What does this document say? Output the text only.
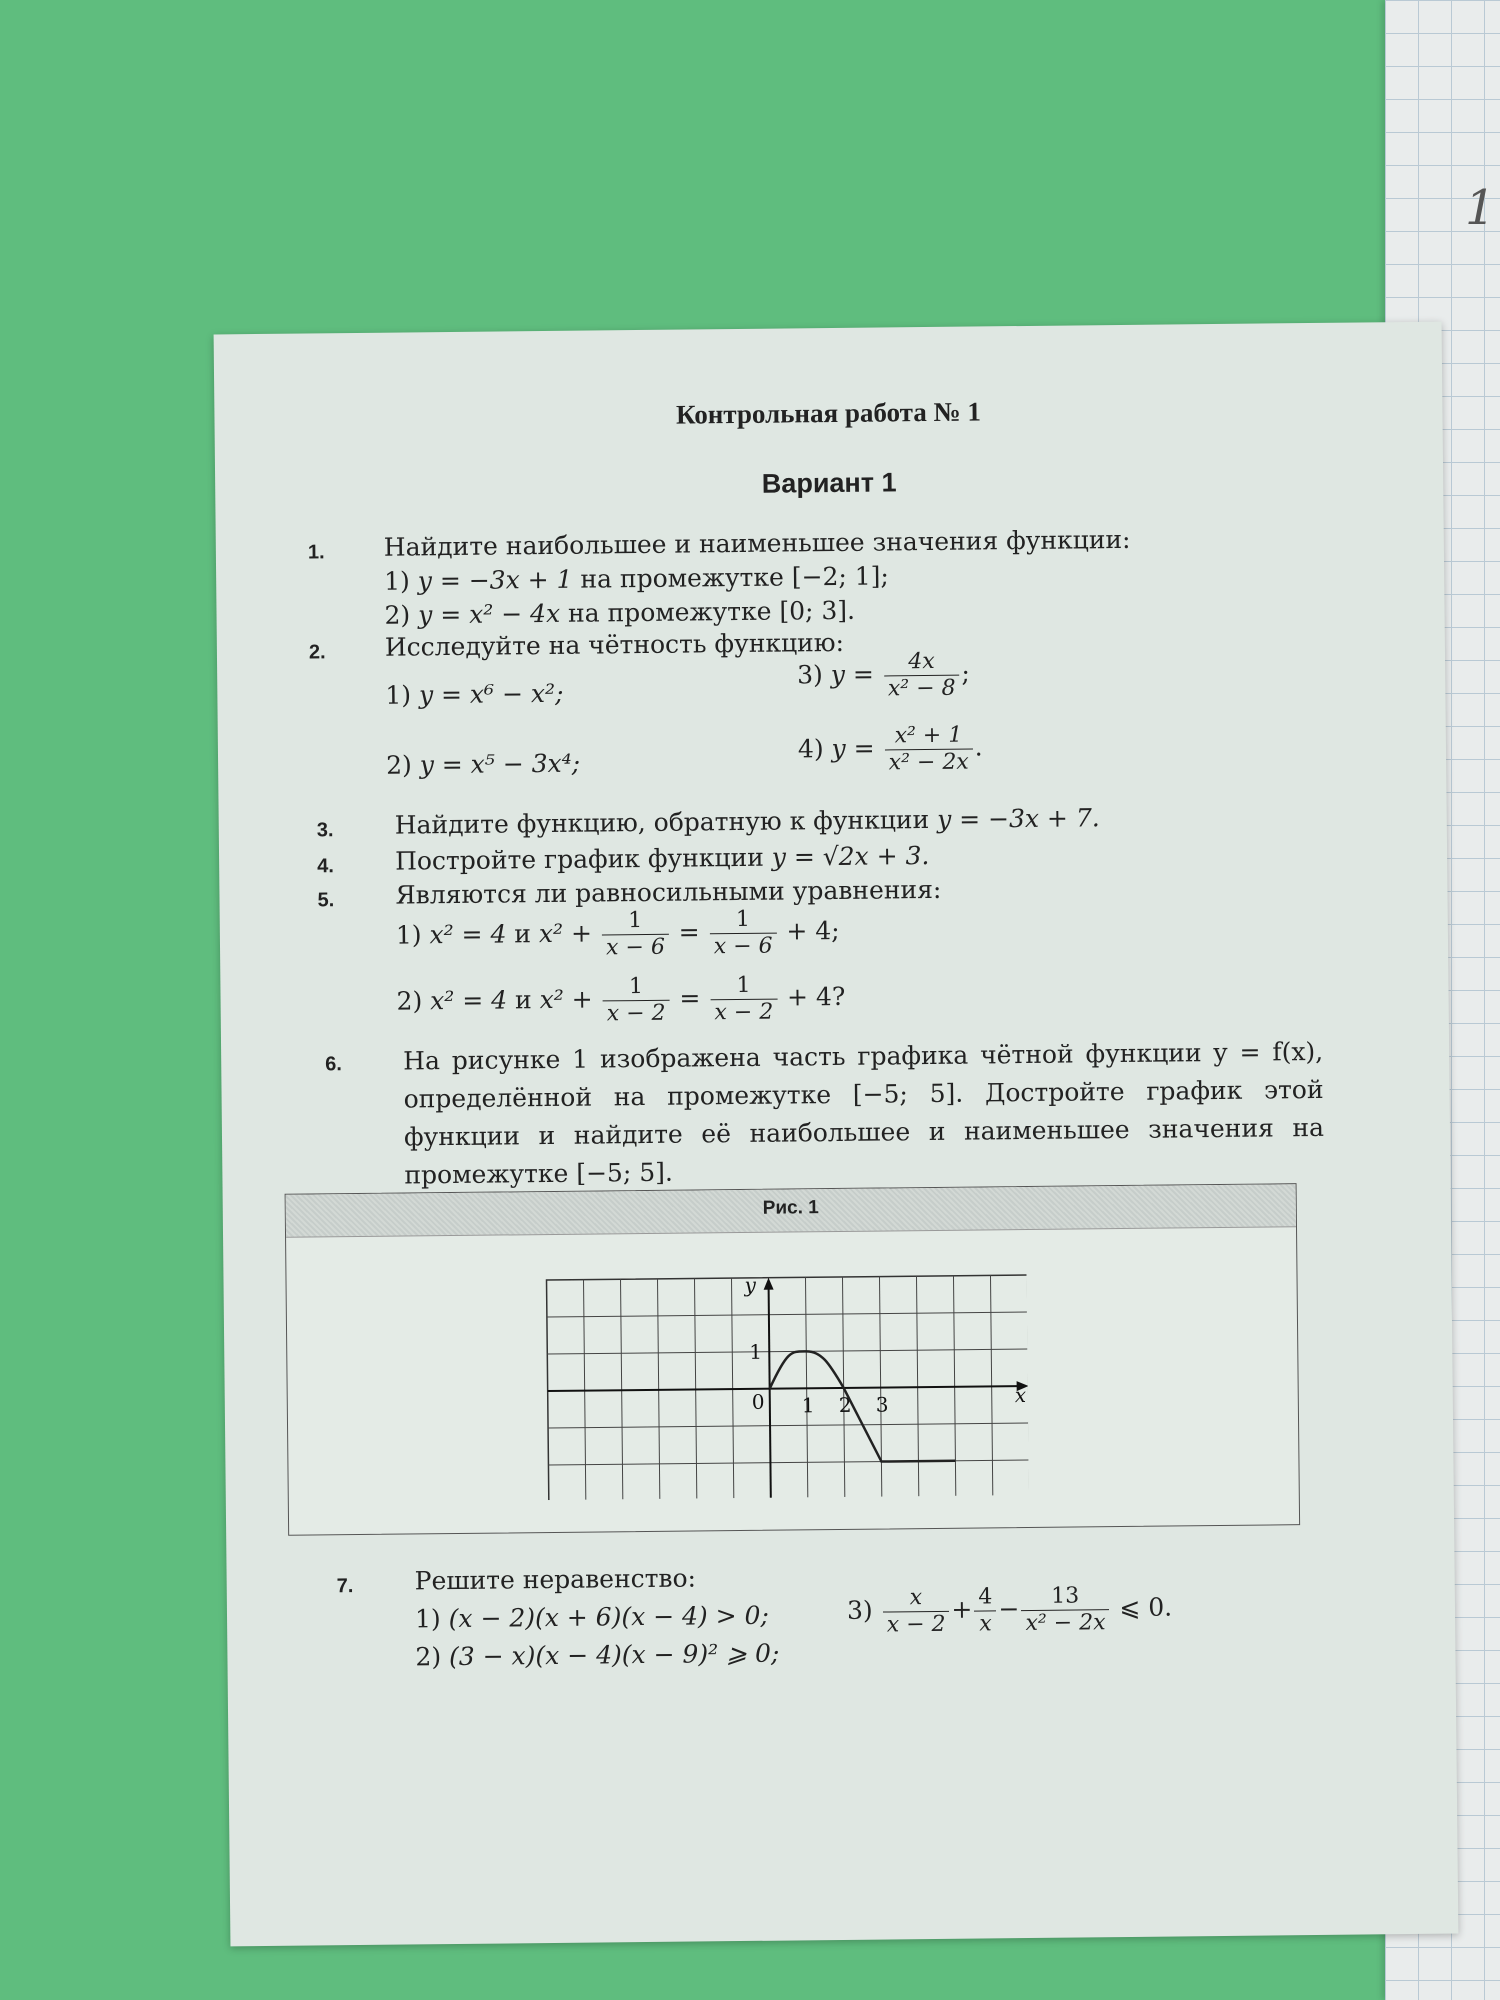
1
Контрольная работа № 1
Вариант 1
1. Найдите наибольшее и наименьшее значения функции:
1) y = −3x + 1 на промежутке [−2; 1];
2) y = x² − 4x на промежутке [0; 3].
2. Исследуйте на чётность функцию:
1) y = x⁶ − x²;
2) y = x⁵ − 3x⁴;
3) $y = \frac{4x}{\text{x² − 8}}$ ;
4) $y = \frac{\text{x² + 1}}{\text{x² − 2x}}$ .
3. Найдите функцию, обратную к функции y = −3x + 7.
4. Постройте график функции y = √2x + 3.
5. Являются ли равносильными уравнения:
1) x² = 4 и $x^2 + \frac{1}{x - 6} = \frac{1}{x - 6} + 4$;
2) x² = 4 и $x^2 + \frac{1}{x - 2} = \frac{1}{x - 2} + 4$?
6. На рисунке 1 изображена часть графика чётной функции y = f(x), определённой на промежутке [−5; 5]. Достройте график этой функции и найдите её наибольшее и наименьшее значения на промежутке [−5; 5].
Рис. 1
0	x
y
1 2 3
1
7. Решите неравенство:
1) (x − 2)(x + 6)(x − 4) > 0;
2) (3 − x)(x − 4)(x − 9)² ⩾ 0;
$3) \frac{x}{x - 2} + \frac{4}{x} - \frac{13}{\text{x² − 2x}}$ ⩽ 0.
